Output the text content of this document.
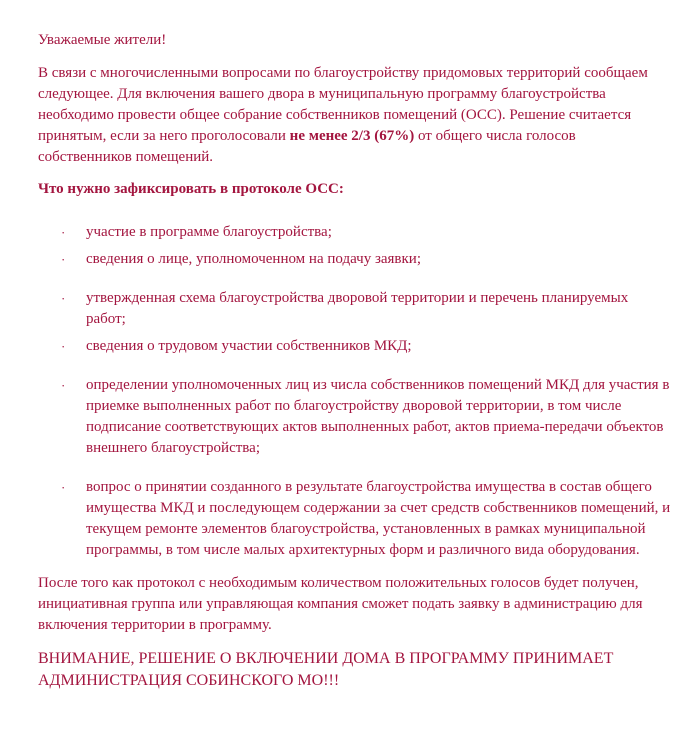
Уважаемые жители!

В связи с многочисленными вопросами по благоустройству придомовых территорий сообщаем следующее. Для включения вашего двора в муниципальную программу благоустройства необходимо провести общее собрание собственников помещений (ОСС). Решение считается принятым, если за него проголосовали не менее 2/3 (67%) от общего числа голосов собственников помещений.

Что нужно зафиксировать в протоколе ОСС:

· участие в программе благоустройства;
· сведения о лице, уполномоченном на подачу заявки;
· утвержденная схема благоустройства дворовой территории и перечень планируемых работ;
· сведения о трудовом участии собственников МКД;
· определении уполномоченных лиц из числа собственников помещений МКД для участия в приемке выполненных работ по благоустройству дворовой территории, в том числе подписание соответствующих актов выполненных работ, актов приема-передачи объектов внешнего благоустройства;
· вопрос о принятии созданного в результате благоустройства имущества в состав общего имущества МКД и последующем содержании за счет средств собственников помещений, и текущем ремонте элементов благоустройства, установленных в рамках муниципальной программы, в том числе малых архитектурных форм и различного вида оборудования.

После того как протокол с необходимым количеством положительных голосов будет получен, инициативная группа или управляющая компания сможет подать заявку в администрацию для включения территории в программу.

ВНИМАНИЕ, РЕШЕНИЕ О ВКЛЮЧЕНИИ ДОМА В ПРОГРАММУ ПРИНИМАЕТ АДМИНИСТРАЦИЯ СОБИНСКОГО МО!!!
